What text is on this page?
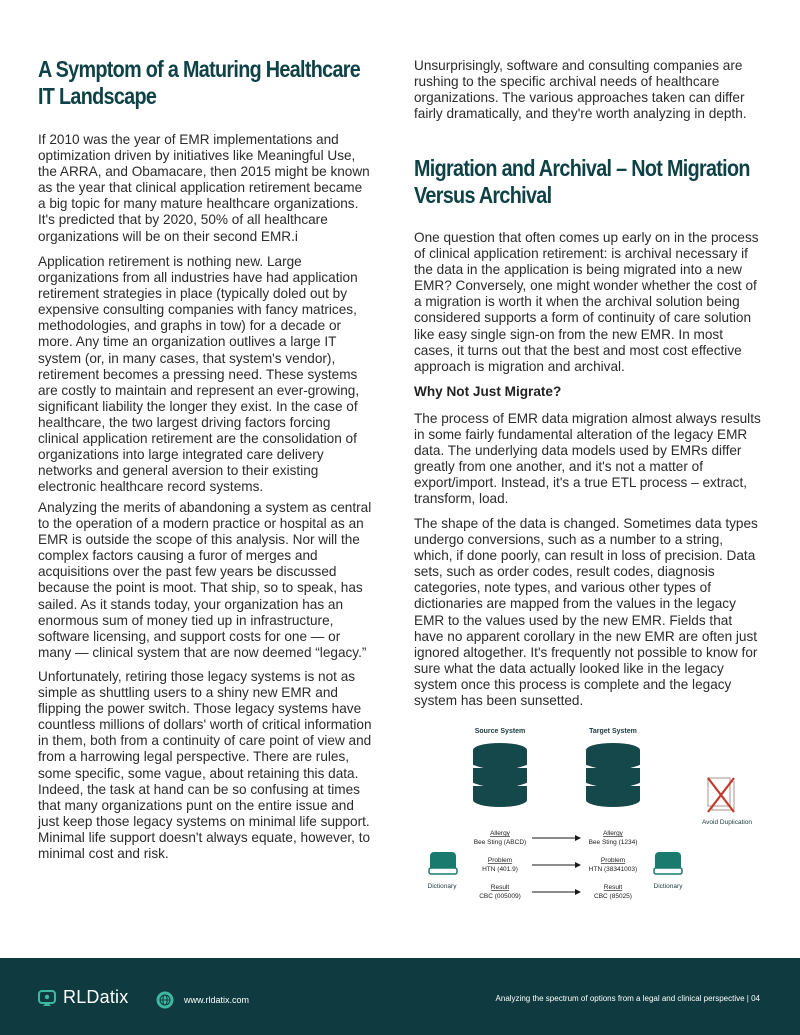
A Symptom of a Maturing Healthcare IT Landscape

If 2010 was the year of EMR implementations and optimization driven by initiatives like Meaningful Use, the ARRA, and Obamacare, then 2015 might be known as the year that clinical application retirement became a big topic for many mature healthcare organizations. It's predicted that by 2020, 50% of all healthcare organizations will be on their second EMR.i

Application retirement is nothing new. Large organizations from all industries have had application retirement strategies in place (typically doled out by expensive consulting companies with fancy matrices, methodologies, and graphs in tow) for a decade or more. Any time an organization outlives a large IT system (or, in many cases, that system's vendor), retirement becomes a pressing need. These systems are costly to maintain and represent an ever-growing, significant liability the longer they exist. In the case of healthcare, the two largest driving factors forcing clinical application retirement are the consolidation of organizations into large integrated care delivery networks and general aversion to their existing electronic healthcare record systems.

Analyzing the merits of abandoning a system as central to the operation of a modern practice or hospital as an EMR is outside the scope of this analysis. Nor will the complex factors causing a furor of merges and acquisitions over the past few years be discussed because the point is moot. That ship, so to speak, has sailed. As it stands today, your organization has an enormous sum of money tied up in infrastructure, software licensing, and support costs for one — or many — clinical system that are now deemed “legacy.”

Unfortunately, retiring those legacy systems is not as simple as shuttling users to a shiny new EMR and flipping the power switch. Those legacy systems have countless millions of dollars' worth of critical information in them, both from a continuity of care point of view and from a harrowing legal perspective. There are rules, some specific, some vague, about retaining this data. Indeed, the task at hand can be so confusing at times that many organizations punt on the entire issue and just keep those legacy systems on minimal life support. Minimal life support doesn't always equate, however, to minimal cost and risk.

Unsurprisingly, software and consulting companies are rushing to the specific archival needs of healthcare organizations. The various approaches taken can differ fairly dramatically, and they're worth analyzing in depth.

Migration and Archival – Not Migration Versus Archival

One question that often comes up early on in the process of clinical application retirement: is archival necessary if the data in the application is being migrated into a new EMR? Conversely, one might wonder whether the cost of a migration is worth it when the archival solution being considered supports a form of continuity of care solution like easy single sign-on from the new EMR. In most cases, it turns out that the best and most cost effective approach is migration and archival.

Why Not Just Migrate?

The process of EMR data migration almost always results in some fairly fundamental alteration of the legacy EMR data. The underlying data models used by EMRs differ greatly from one another, and it's not a matter of export/import. Instead, it's a true ETL process – extract, transform, load.

The shape of the data is changed. Sometimes data types undergo conversions, such as a number to a string, which, if done poorly, can result in loss of precision. Data sets, such as order codes, result codes, diagnosis categories, note types, and various other types of dictionaries are mapped from the values in the legacy EMR to the values used by the new EMR. Fields that have no apparent corollary in the new EMR are often just ignored altogether. It's frequently not possible to know for sure what the data actually looked like in the legacy system once this process is complete and the legacy system has been sunsetted.

Source System	Target System
Avoid Duplication
Dictionary	Dictionary
Allergy
Bee Sting (ABCD)
Allergy
Bee Sting (1234)
Problem
HTN (401.9)
Problem
HTN (38341003)
Result
CBC (005009)
Result
CBC (85025)
RLDatix	www.rldatix.com	Analyzing the spectrum of options from a legal and clinical perspective | 04
